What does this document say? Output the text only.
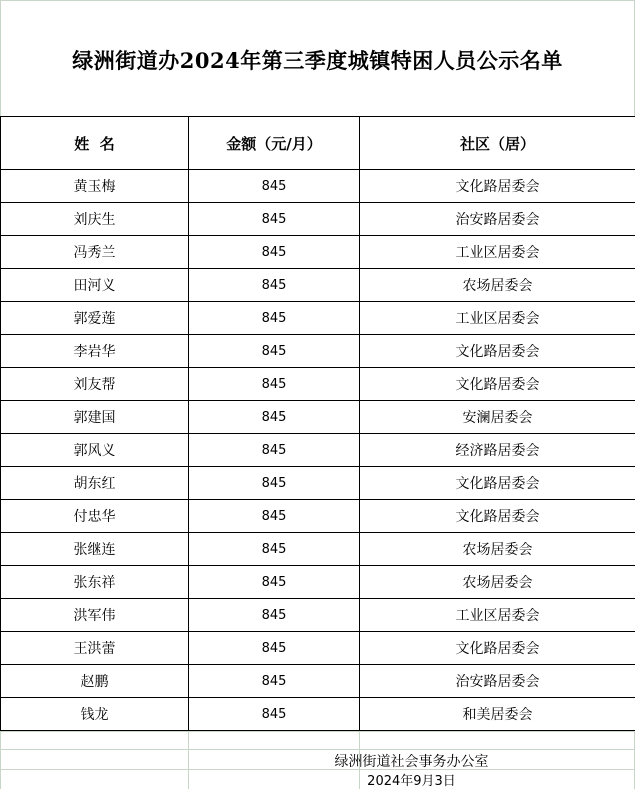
绿洲街道办2024年第三季度城镇特困人员公示名单
姓  名	金额（元/月）	社区（居）
黄玉梅	845	文化路居委会
刘庆生	845	治安路居委会
冯秀兰	845	工业区居委会
田河义	845	农场居委会
郭爱莲	845	工业区居委会
李岩华	845	文化路居委会
刘友帮	845	文化路居委会
郭建国	845	安澜居委会
郭风义	845	经济路居委会
胡东红	845	文化路居委会
付忠华	845	文化路居委会
张继连	845	农场居委会
张东祥	845	农场居委会
洪军伟	845	工业区居委会
王洪蕾	845	文化路居委会
赵鹏	845	治安路居委会
钱龙	845	和美居委会
绿洲街道社会事务办公室
2024年9月3日
